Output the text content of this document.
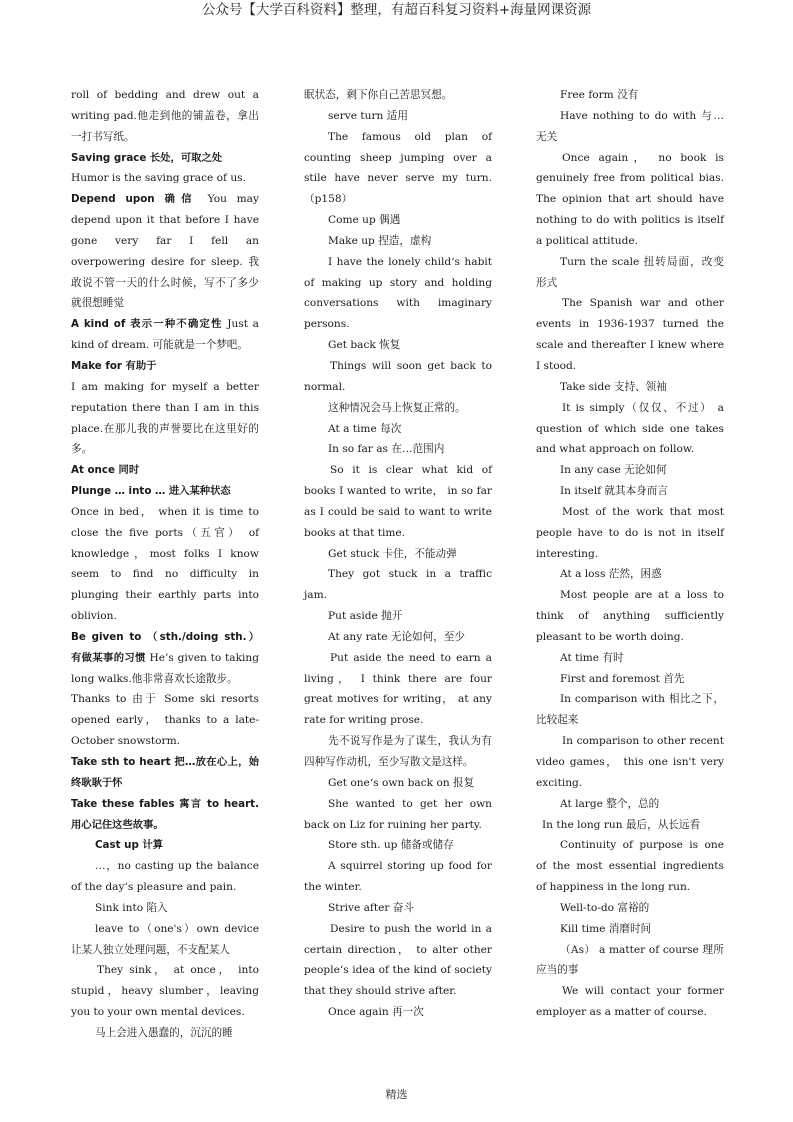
公众号【大学百科资料】整理，有超百科复习资料+海量网课资源

roll of bedding and drew out a writing pad.他走到他的铺盖卷，拿出一打书写纸。

Saving grace 长处，可取之处

Humor is the saving grace of us.

Depend upon 确信 You may depend upon it that before I have gone very far I fell an overpowering desire for sleep. 我敢说不管一天的什么时候，写不了多少就很想睡觉

A kind of 表示一种不确定性 Just a kind of dream. 可能就是一个梦吧。

Make for 有助于

I am making for myself a better reputation there than I am in this place.在那儿我的声誉要比在这里好的多。

At once 同时

Plunge … into … 进入某种状态

Once in bed， when it is time to close the five ports（五官） of knowledge，most folks I know seem to find no difficulty in plunging their earthly parts into oblivion.

Be given to （sth./doing sth.） 有做某事的习惯 He’s given to taking long walks.他非常喜欢长途散步。

Thanks to 由于 Some ski resorts opened early， thanks to a late-October snowstorm.

Take sth to heart 把…放在心上，始终耿耿于怀

Take these fables 寓言 to heart. 用心记住这些故事。

Cast up 计算

…，no casting up the balance of the day‘s pleasure and pain.

Sink into 陷入

leave to（one's）own device 让某人独立处理问题，不支配某人

They sink， at once， into stupid，heavy slumber，leaving you to your own mental devices.

马上会进入愚蠢的，沉沉的睡

眠状态，剩下你自己苦思冥想。

serve turn 适用

The famous old plan of counting sheep jumping over a stile have never serve my turn. （p158）

Come up 偶遇

Make up 捏造，虚构

I have the lonely child‘s habit of making up story and holding conversations with imaginary persons.

Get back 恢复

Things will soon get back to normal.

这种情况会马上恢复正常的。

At a time 每次

In so far as 在…范围内

So it is clear what kid of books I wanted to write， in so far as I could be said to want to write books at that time.

Get stuck 卡住，不能动弹

They got stuck in a traffic jam.

Put aside 抛开

At any rate 无论如何，至少

Put aside the need to earn a living， I think there are four great motives for writing， at any rate for writing prose.

先不说写作是为了谋生，我认为有四种写作动机，至少写散文是这样。

Get one‘s own back on 报复

She wanted to get her own back on Liz for ruining her party.

Store sth. up 储备或储存

A squirrel storing up food for the winter.

Strive after 奋斗

Desire to push the world in a certain direction， to alter other people‘s idea of the kind of society that they should strive after.

Once again 再一次

Free form 没有

Have nothing to do with 与…无关

Once again， no book is genuinely free from political bias. The opinion that art should have nothing to do with politics is itself a political attitude.

Turn the scale 扭转局面，改变形式

The Spanish war and other events in 1936-1937 turned the scale and thereafter I knew where I stood.

Take side 支持、领袖

It is simply（仅仅、不过） a question of which side one takes and what approach on follow.

In any case 无论如何

In itself 就其本身而言

Most of the work that most people have to do is not in itself interesting.

At a loss 茫然，困惑

Most people are at a loss to think of anything sufficiently pleasant to be worth doing.

At time 有时

First and foremost 首先

In comparison with 相比之下，比较起来

In comparison to other recent video games， this one isn't very exciting.

At large 整个，总的

In the long run 最后，从长远看

Continuity of purpose is one of the most essential ingredients of happiness in the long run.

Well-to-do 富裕的

Kill time 消磨时间

（As） a matter of course 理所应当的事

We will contact your former employer as a matter of course.

精选
